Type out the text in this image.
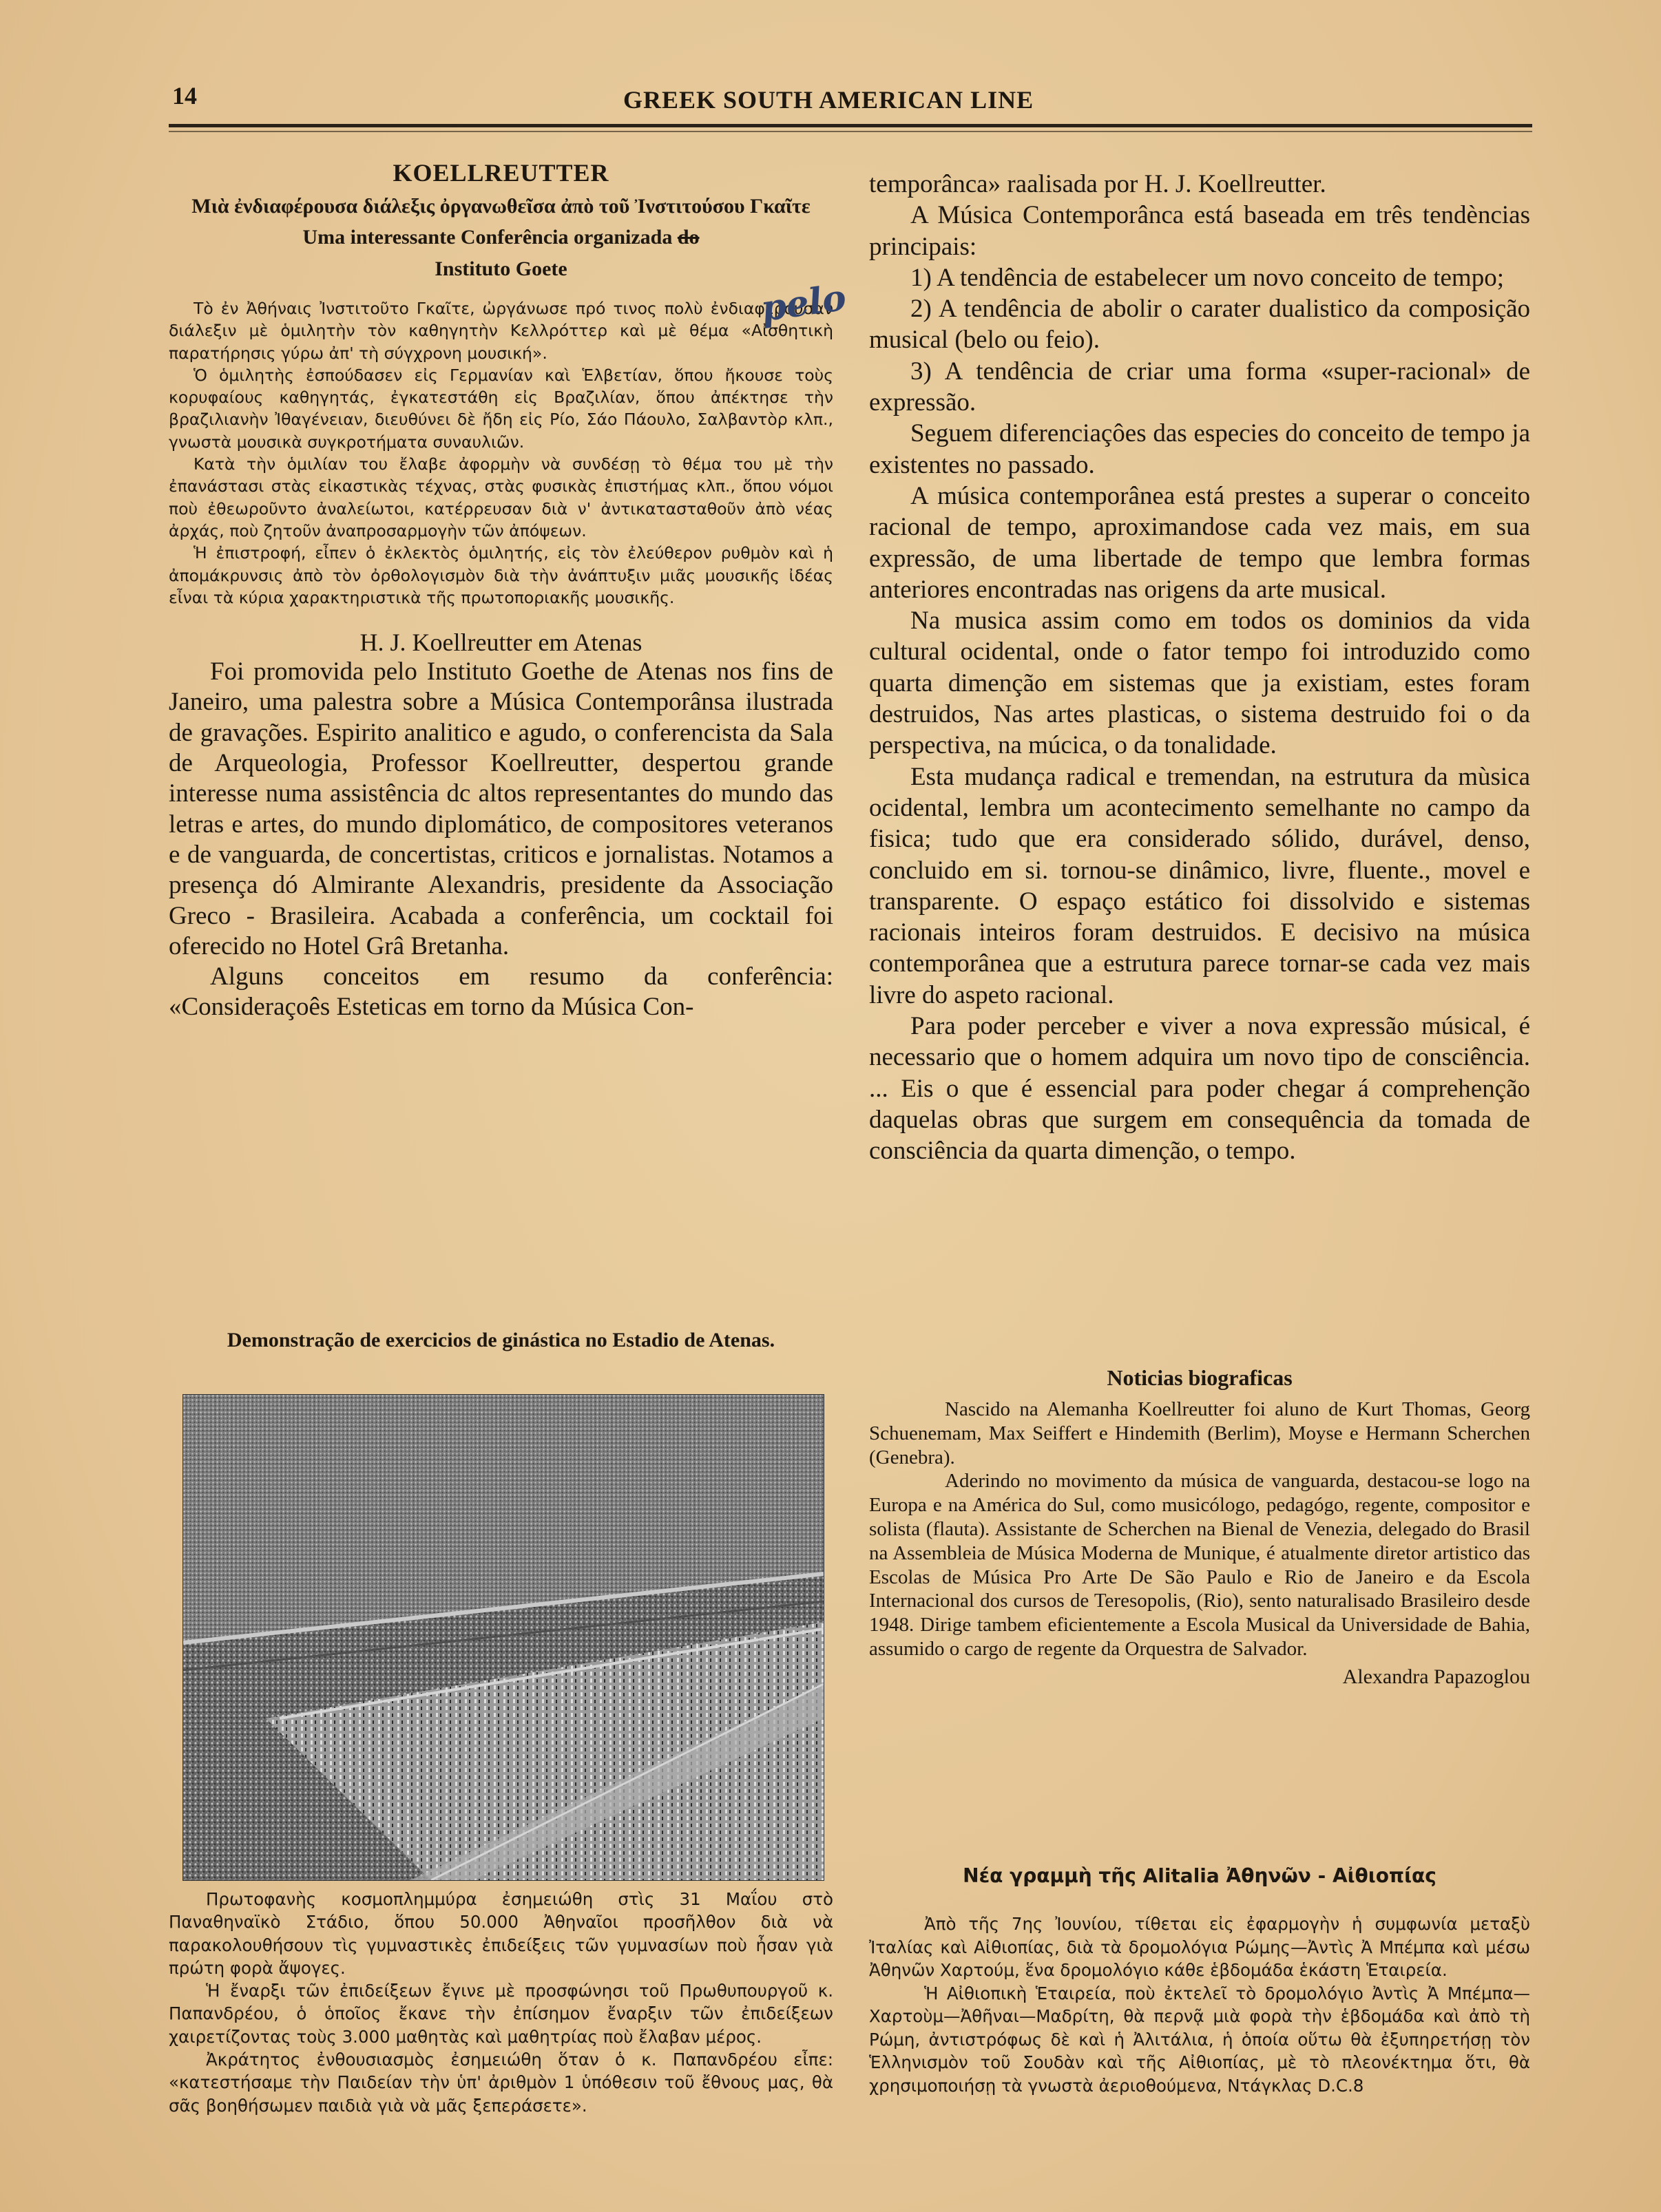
14	GREEK SOUTH AMERICAN LINE
KOELLREUTTER
Μιὰ ἐνδιαφέρουσα διάλεξις ὀργανωθεῖσα ἀπὸ τοῦ Ἰνστιτούσου Γκαῖτε
Uma interessante Conferência organizada do
Instituto Goete
pelo

Τὸ ἐν Ἀθήναις Ἰνστιτοῦτο Γκαῖτε, ὠργάνωσε πρό τινος πολὺ ἐνδιαφέρουσαν διάλεξιν μὲ ὁμιλητὴν τὸν καθηγητὴν Κελλρόττερ καὶ μὲ θέμα «Αἰσθητικὴ παρατήρησις γύρω ἀπ' τὴ σύγχρονη μουσική».

Ὁ ὁμιλητὴς ἐσπούδασεν εἰς Γερμανίαν καὶ Ἑλβετίαν, ὅπου ἤκουσε τοὺς κορυφαίους καθηγητάς, ἐγκατεστάθη εἰς Βραζιλίαν, ὅπου ἀπέκτησε τὴν βραζιλιανὴν Ἰθαγένειαν, διευθύνει δὲ ἤδη εἰς Ρίο, Σάο Πάουλο, Σαλβαντὸρ κλπ., γνωστὰ μουσικὰ συγκροτήματα συναυλιῶν.

Κατὰ τὴν ὁμιλίαν του ἔλαβε ἀφορμὴν νὰ συνδέσῃ τὸ θέμα του μὲ τὴν ἐπανάστασι στὰς εἰκαστικὰς τέχνας, στὰς φυσικὰς ἐπιστήμας κλπ., ὅπου νόμοι ποὺ ἐθεωροῦντο ἀναλείωτοι, κατέρρευσαν διὰ ν' ἀντικατασταθοῦν ἀπὸ νέας ἀρχάς, ποὺ ζητοῦν ἀναπροσαρμογὴν τῶν ἀπόψεων.

Ἡ ἐπιστροφή, εἶπεν ὁ ἐκλεκτὸς ὁμιλητής, εἰς τὸν ἐλεύθερον ρυθμὸν καὶ ἡ ἀπομάκρυνσις ἀπὸ τὸν ὀρθολογισμὸν διὰ τὴν ἀνάπτυξιν μιᾶς μουσικῆς ἰδέας εἶναι τὰ κύρια χαρακτηριστικὰ τῆς πρωτοποριακῆς μουσικῆς.

H. J. Koellreutter em Atenas

Foi promovida pelo Instituto Goethe de Atenas nos fins de Janeiro, uma palestra sobre a Música Contemporânsa ilustrada de gravações. Espirito analitico e agudo, o conferencista da Sala de Arqueologia, Professor Koellreutter, despertou grande interesse numa assistência dc altos representantes do mundo das letras e artes, do mundo diplomático, de compositores veteranos e de vanguarda, de concertistas, criticos e jornalistas. Notamos a presença dó Almirante Alexandris, presidente da Associação Greco - Brasileira. Acabada a conferência, um cocktail foi oferecido no Hotel Grâ Bretanha.

Alguns conceitos em resumo da conferência: «Consideraçoês Esteticas em torno da Música Con-

Demonstração de exercicios de ginástica no Estadio de Atenas.

Πρωτοφανὴς κοσμοπλημμύρα ἐσημειώθη στὶς 31 Μαΐου στὸ Παναθηναϊκὸ Στάδιο, ὅπου 50.000 Ἀθηναῖοι προσῆλθον διὰ νὰ παρακολουθήσουν τὶς γυμναστικὲς ἐπιδείξεις τῶν γυμνασίων ποὺ ἦσαν γιὰ πρώτη φορὰ ἄψογες.

Ἡ ἔναρξι τῶν ἐπιδείξεων ἔγινε μὲ προσφώνησι τοῦ Πρωθυπουργοῦ κ. Παπανδρέου, ὁ ὁποῖος ἔκανε τὴν ἐπίσημον ἔναρξιν τῶν ἐπιδείξεων χαιρετίζοντας τοὺς 3.000 μαθητὰς καὶ μαθητρίας ποὺ ἔλαβαν μέρος.

Ἀκράτητος ἐνθουσιασμὸς ἐσημειώθη ὅταν ὁ κ. Παπανδρέου εἶπε: «κατεστήσαμε τὴν Παιδείαν τὴν ὑπ' ἀριθμὸν 1 ὑπόθεσιν τοῦ ἔθνους μας, θὰ σᾶς βοηθήσωμεν παιδιὰ γιὰ νὰ μᾶς ξεπεράσετε».

temporânca» raalisada por H. J. Koellreutter.

A Música Contemporânca está baseada em três tendèncias principais:

1) A tendência de estabelecer um novo conceito de tempo;

2) A tendência de abolir o carater dualistico da composição musical (belo ou feio).

3) A tendência de criar uma forma «super-racional» de expressão.

Seguem diferenciaçôes das especies do conceito de tempo ja existentes no passado.

A música contemporânea está prestes a superar o conceito racional de tempo, aproximandose cada vez mais, em sua expressão, de uma libertade de tempo que lembra formas anteriores encontradas nas origens da arte musical.

Na musica assim como em todos os dominios da vida cultural ocidental, onde o fator tempo foi introduzido como quarta dimenção em sistemas que ja existiam, estes foram destruidos, Nas artes plasticas, o sistema destruido foi o da perspectiva, na múcica, o da tonalidade.

Esta mudança radical e tremendan, na estrutura da mùsica ocidental, lembra um acontecimento semelhante no campo da fisica; tudo que era considerado sólido, durável, denso, concluido em si. tornou-se dinâmico, livre, fluente., movel e transparente. O espaço estático foi dissolvido e sistemas racionais inteiros foram destruidos. E decisivo na música contemporânea que a estrutura parece tornar-se cada vez mais livre do aspeto racional.

Para poder perceber e viver a nova expressão músical, é necessario que o homem adquira um novo tipo de consciência. ... Eis o que é essencial para poder chegar á comprehenção daquelas obras que surgem em consequência da tomada de consciência da quarta dimenção, o tempo.

Noticias biograficas

Nascido na Alemanha Koellreutter foi aluno de Kurt Thomas, Georg Schuenemam, Max Seiffert e Hindemith (Berlim), Moyse e Hermann Scherchen (Genebra).

Aderindo no movimento da música de vanguarda, destacou-se logo na Europa e na América do Sul, como musicólogo, pedagógo, regente, compositor e solista (flauta). Assistante de Scherchen na Bienal de Venezia, delegado do Brasil na Assembleia de Música Moderna de Munique, é atualmente diretor artistico das Escolas de Música Pro Arte De São Paulo e Rio de Janeiro e da Escola Internacional dos cursos de Teresopolis, (Rio), sento naturalisado Brasileiro desde 1948. Dirige tambem eficientemente a Escola Musical da Universidade de Bahia, assumido o cargo de regente da Orquestra de Salvador.

Alexandra Papazoglou

Νέα γραμμὴ τῆς Alitalia Ἀθηνῶν - Αἰθιοπίας

Ἀπὸ τῆς 7ης Ἰουνίου, τίθεται εἰς ἐφαρμογὴν ἡ συμφωνία μεταξὺ Ἰταλίας καὶ Αἰθιοπίας, διὰ τὰ δρομολόγια Ρώμης—Ἀντὶς Ἀ Μπέμπα καὶ μέσω Ἀθηνῶν Χαρτούμ, ἕνα δρομολόγιο κάθε ἑβδομάδα ἑκάστη Ἑταιρεία.

Ἡ Αἰθιοπικὴ Ἑταιρεία, ποὺ ἐκτελεῖ τὸ δρομολόγιο Ἀντὶς Ἀ Μπέμπα—Χαρτοὺμ—Ἀθῆναι—Μαδρίτη, θὰ περνᾷ μιὰ φορὰ τὴν ἑβδομάδα καὶ ἀπὸ τὴ Ρώμη, ἀντιστρόφως δὲ καὶ ἡ Ἀλιτάλια, ἡ ὁποία οὕτω θὰ ἐξυπηρετήσῃ τὸν Ἑλληνισμὸν τοῦ Σουδὰν καὶ τῆς Αἰθιοπίας, μὲ τὸ πλεονέκτημα ὅτι, θὰ χρησιμοποιήσῃ τὰ γνωστὰ ἀεριοθούμενα, Ντάγκλας D.C.8
